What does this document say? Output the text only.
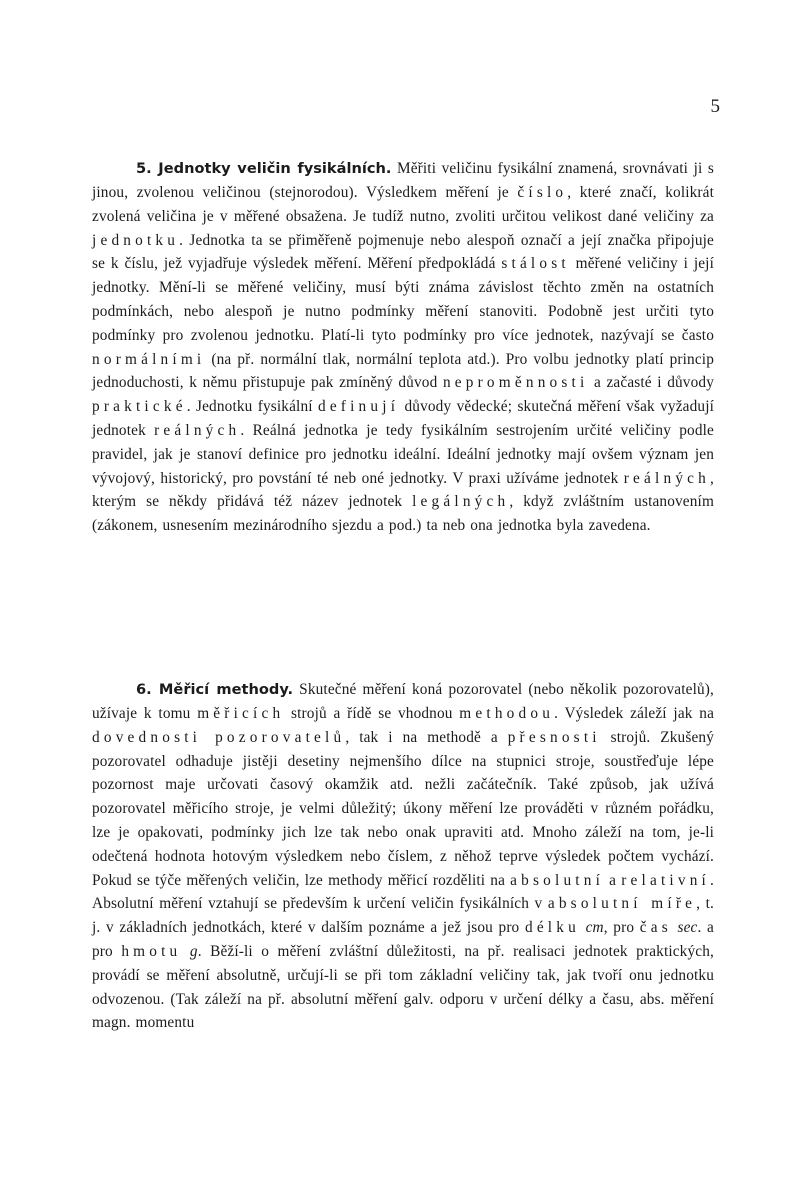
5

5. Jednotky veličin fysikálních. Měřiti veličinu fysikální znamená, srovnávati ji s jinou, zvolenou veličinou (stejnorodou). Výsledkem měření je číslo, které značí, kolikrát zvolená veličina je v měřené obsažena. Je tudíž nutno, zvoliti určitou velikost dané veličiny za jednotku. Jednotka ta se přiměřeně pojmenuje nebo alespoň označí a její značka připojuje se k číslu, jež vyjadřuje výsledek měření. Měření předpokládá stálost měřené veličiny i její jednotky. Mění-li se měřené veličiny, musí býti známa závislost těchto změn na ostatních podmínkách, nebo alespoň je nutno podmínky měření stanoviti. Podobně jest určiti tyto podmínky pro zvolenou jednotku. Platí-li tyto podmínky pro více jednotek, nazývají se často normálními (na př. normální tlak, normální teplota atd.). Pro volbu jednotky platí princip jednoduchosti, k němu přistupuje pak zmíněný důvod neproměnnosti a začasté i důvody praktické. Jednotku fysikální definují důvody vědecké; skutečná měření však vyžadují jednotek reálných. Reálná jednotka je tedy fysikálním sestrojením určité veličiny podle pravidel, jak je stanoví definice pro jednotku ideální. Ideální jednotky mají ovšem význam jen vývojový, historický, pro povstání té neb oné jednotky. V praxi užíváme jednotek reálných, kterým se někdy přidává též název jednotek legálných, když zvláštním ustanovením (zákonem, usnesením mezinárodního sjezdu a pod.) ta neb ona jednotka byla zavedena.

6. Měřicí methody. Skutečné měření koná pozorovatel (nebo několik pozorovatelů), užívaje k tomu měřicích strojů a řídě se vhodnou methodou. Výsledek záleží jak na dovednosti pozorovatelů, tak i na methodě a přesnosti strojů. Zkušený pozorovatel odhaduje jistěji desetiny nejmenšího dílce na stupnici stroje, soustřeďuje lépe pozornost maje určovati časový okamžik atd. nežli začátečník. Také způsob, jak užívá pozorovatel měřicího stroje, je velmi důležitý; úkony měření lze prováděti v různém pořádku, lze je opakovati, podmínky jich lze tak nebo onak upraviti atd. Mnoho záleží na tom, je-li odečtená hodnota hotovým výsledkem nebo číslem, z něhož teprve výsledek počtem vychází. Pokud se týče měřených veličin, lze methody měřicí rozděliti na absolutní a relativní. Absolutní měření vztahují se především k určení veličin fysikálních v absolutní míře, t. j. v základních jednotkách, které v dalším poznáme a jež jsou pro délku cm, pro čas sec. a pro hmotu g. Běží-li o měření zvláštní důležitosti, na př. realisaci jednotek praktických, provádí se měření absolutně, určují-li se při tom základní veličiny tak, jak tvoří onu jednotku odvozenou. (Tak záleží na př. absolutní měření galv. odporu v určení délky a času, abs. měření magn. momentu
